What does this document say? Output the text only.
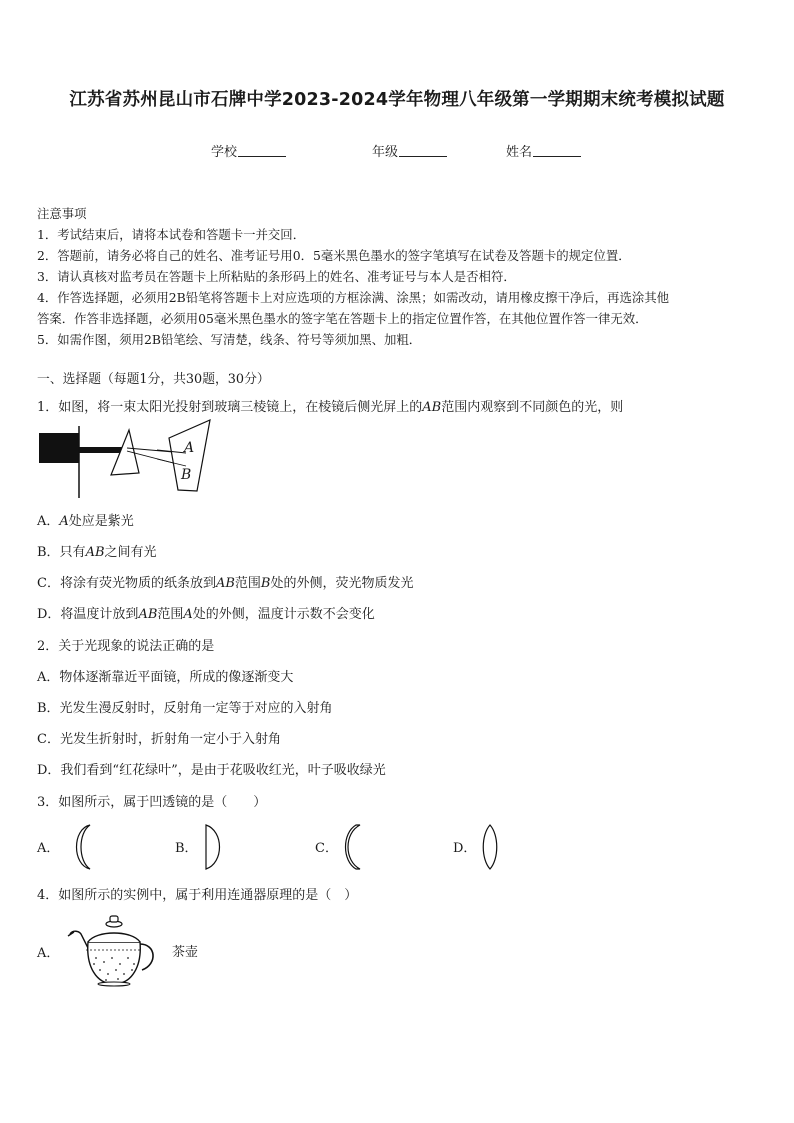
江苏省苏州昆山市石牌中学2023-2024学年物理八年级第一学期期末统考模拟试题
学校	年级	姓名
注意事项
1．考试结束后，请将本试卷和答题卡一并交回．
2．答题前，请务必将自己的姓名、准考证号用0．5毫米黑色墨水的签字笔填写在试卷及答题卡的规定位置．
3．请认真核对监考员在答题卡上所粘贴的条形码上的姓名、准考证号与本人是否相符．
4．作答选择题，必须用2B铅笔将答题卡上对应选项的方框涂满、涂黑；如需改动，请用橡皮擦干净后，再选涂其他
答案．作答非选择题，必须用05毫米黑色墨水的签字笔在答题卡上的指定位置作答，在其他位置作答一律无效．
5．如需作图，须用2B铅笔绘、写清楚，线条、符号等须加黑、加粗．
一、选择题（每题1分，共30题，30分）
1．如图，将一束太阳光投射到玻璃三棱镜上，在棱镜后侧光屏上的AB范围内观察到不同颜色的光，则
A
B
A．A处应是紫光
B．只有AB之间有光
C．将涂有荧光物质的纸条放到AB范围B处的外侧，荧光物质发光
D．将温度计放到AB范围A处的外侧，温度计示数不会变化
2．关于光现象的说法正确的是
A．物体逐渐靠近平面镜，所成的像逐渐变大
B．光发生漫反射时，反射角一定等于对应的入射角
C．光发生折射时，折射角一定小于入射角
D．我们看到“红花绿叶”，是由于花吸收红光，叶子吸收绿光
3．如图所示，属于凹透镜的是（　　）
A．	B．	C．	D．
4．如图所示的实例中，属于利用连通器原理的是（　）
A．	茶壶
